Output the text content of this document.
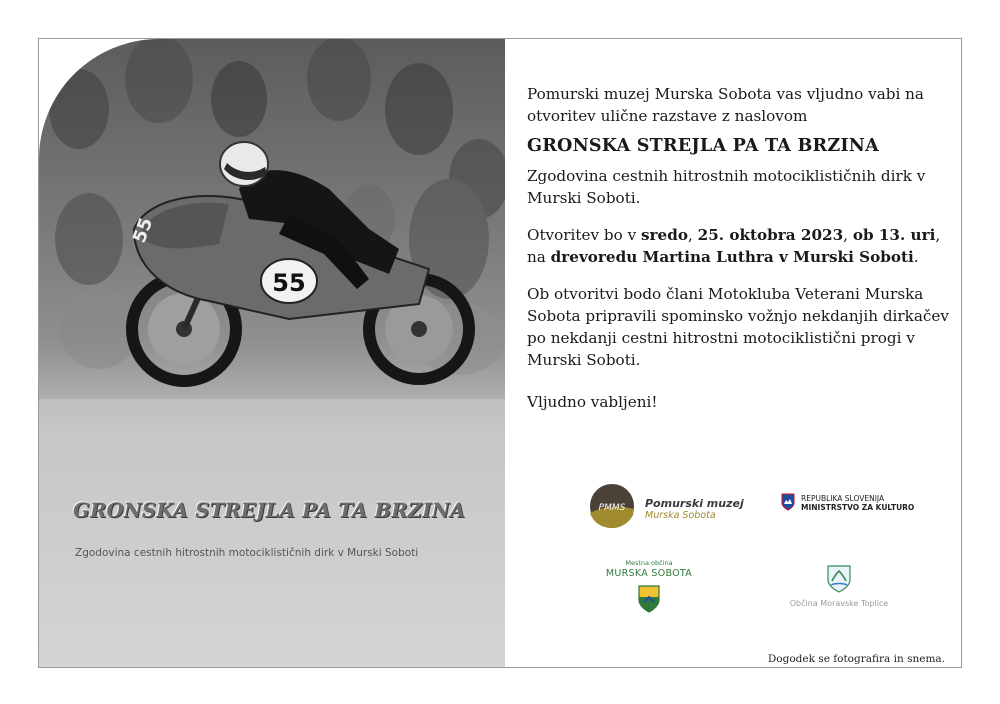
55
55
GRONSKA STREJLA PA TA BRZINA
Zgodovina cestnih hitrostnih motociklističnih dirk v Murski Soboti

Pomurski muzej Murska Sobota vas vljudno vabi na otvoritev ulične razstave z naslovom

GRONSKA STREJLA PA TA BRZINA

Zgodovina cestnih hitrostnih motociklističnih dirk v Murski Soboti.

Otvoritev bo v sredo, 25. oktobra 2023, ob 13. uri, na drevoredu Martina Luthra v Murski Soboti.

Ob otvoritvi bodo člani Motokluba Veterani Murska Sobota pripravili spominsko vožnjo nekdanjih dirkačev po nekdanji cestni hitrostni motociklistični progi v Murski Soboti.

Vljudno vabljeni!

PMMS Pomurski muzej
Murska Sobota
REPUBLIKA SLOVENIJA
MINISTRSTVO ZA KULTURO
Mestna občina
MURSKA SOBOTA
Občina Moravske Toplice
Dogodek se fotografira in snema.
